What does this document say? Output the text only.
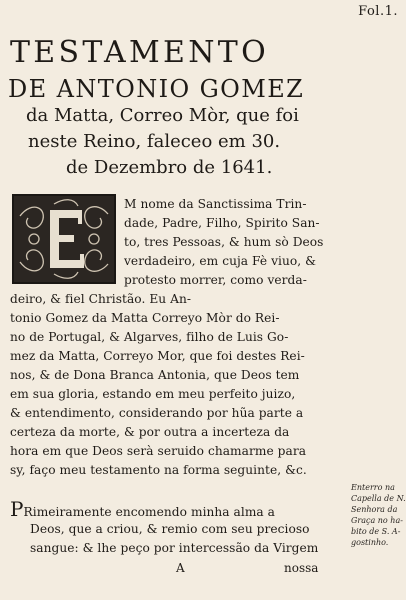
Fol.1.
TESTAMENTO
DE ANTONIO GOMEZ
da Matta, Correo Mòr, que foi
neste Reino, faleceo em 30.
de Dezembro de 1641.
M nome da Sanctissima Trin-
dade, Padre, Filho, Spirito San-
to, tres Pessoas, & hum sò Deos
verdadeiro, em cuja Fè viuo, &
protesto morrer, como verda-
deiro, & fiel Christão. Eu An-
tonio Gomez da Matta Correyo Mòr do Rei-
no de Portugal, & Algarves, filho de Luis Go-
mez da Matta, Correyo Mor, que foi destes Rei-
nos, & de Dona Branca Antonia, que Deos tem
em sua gloria, estando em meu perfeito juizo,
& entendimento, considerando por hũa parte a
certeza da morte, & por outra a incerteza da
hora em que Deos serà seruido chamarme para
sy, faço meu testamento na forma seguinte, &c.
PRimeiramente encomendo minha alma a
Deos, que a criou, & remio com seu precioso
sangue: & lhe peço por intercessão da Virgem
A	nossa
Enterro na
Capella de N.
Senhora da
Graça no ha-
bito de S. A-
gostinho.
